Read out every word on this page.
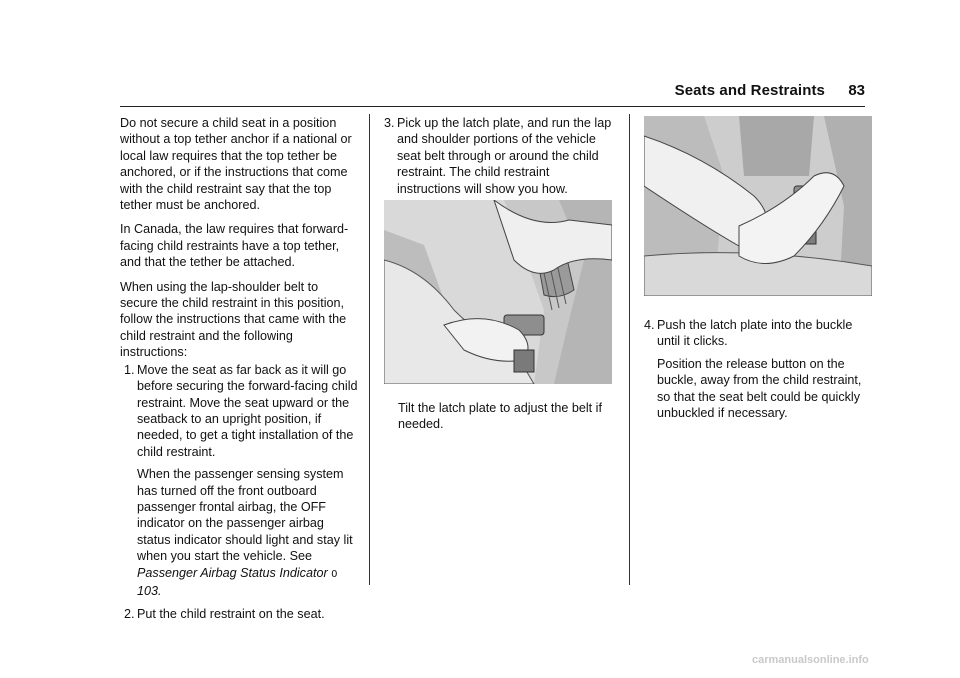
Seats and Restraints 83

Do not secure a child seat in a position without a top tether anchor if a national or local law requires that the top tether be anchored, or if the instructions that come with the child restraint say that the top tether must be anchored.

In Canada, the law requires that forward-facing child restraints have a top tether, and that the tether be attached.

When using the lap-shoulder belt to secure the child restraint in this position, follow the instructions that came with the child restraint and the following instructions:

1. Move the seat as far back as it will go before securing the forward-facing child restraint. Move the seat upward or the seatback to an upright position, if needed, to get a tight installation of the child restraint.
When the passenger sensing system has turned off the front outboard passenger frontal airbag, the OFF indicator on the passenger airbag status indicator should light and stay lit when you start the vehicle. See Passenger Airbag Status Indicator 0 103.
2. Put the child restraint on the seat.
3. Pick up the latch plate, and run the lap and shoulder portions of the vehicle seat belt through or around the child restraint. The child restraint instructions will show you how.
Tilt the latch plate to adjust the belt if needed.
4. Push the latch plate into the buckle until it clicks.
Position the release button on the buckle, away from the child restraint, so that the seat belt could be quickly unbuckled if necessary.
carmanualsonline.info
